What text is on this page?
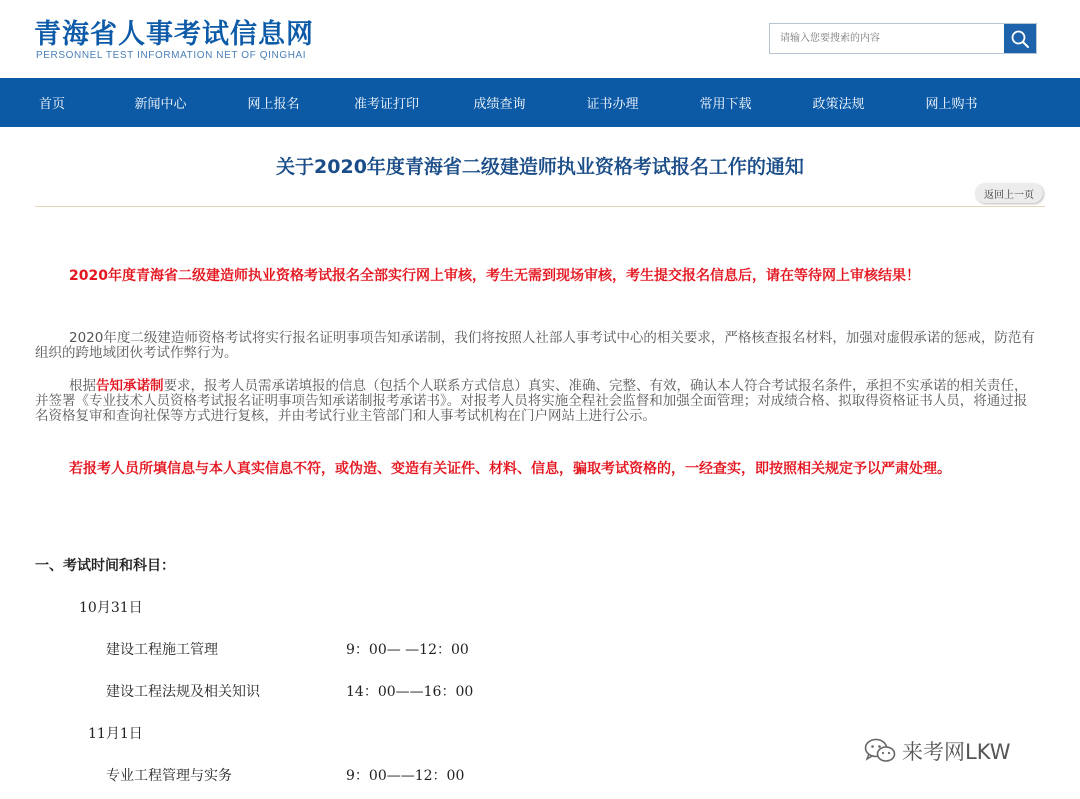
青海省人事考试信息网
PERSONNEL TEST INFORMATION NET OF QINGHAI
请输入您要搜索的内容
首页	新闻中心	网上报名	准考证打印	成绩查询	证书办理	常用下载	政策法规	网上购书
关于2020年度青海省二级建造师执业资格考试报名工作的通知
返回上一页
2020年度青海省二级建造师执业资格考试报名全部实行网上审核，考生无需到现场审核，考生提交报名信息后，请在等待网上审核结果！
2020年度二级建造师资格考试将实行报名证明事项告知承诺制，我们将按照人社部人事考试中心的相关要求，严格核查报名材料，加强对虚假承诺的惩戒，防范有组织的跨地域团伙考试作弊行为。
根据告知承诺制要求，报考人员需承诺填报的信息（包括个人联系方式信息）真实、准确、完整、有效，确认本人符合考试报名条件，承担不实承诺的相关责任，并签署《专业技术人员资格考试报名证明事项告知承诺制报考承诺书》。对报考人员将实施全程社会监督和加强全面管理；对成绩合格、拟取得资格证书人员，将通过报名资格复审和查询社保等方式进行复核，并由考试行业主管部门和人事考试机构在门户网站上进行公示。
若报考人员所填信息与本人真实信息不符，或伪造、变造有关证件、材料、信息，骗取考试资格的，一经查实，即按照相关规定予以严肃处理。
一、考试时间和科目：
10月31日
建设工程施工管理	9：00— —12：00
建设工程法规及相关知识	14：00——16：00
11月1日
专业工程管理与实务	9：00——12：00
来考网LKW
